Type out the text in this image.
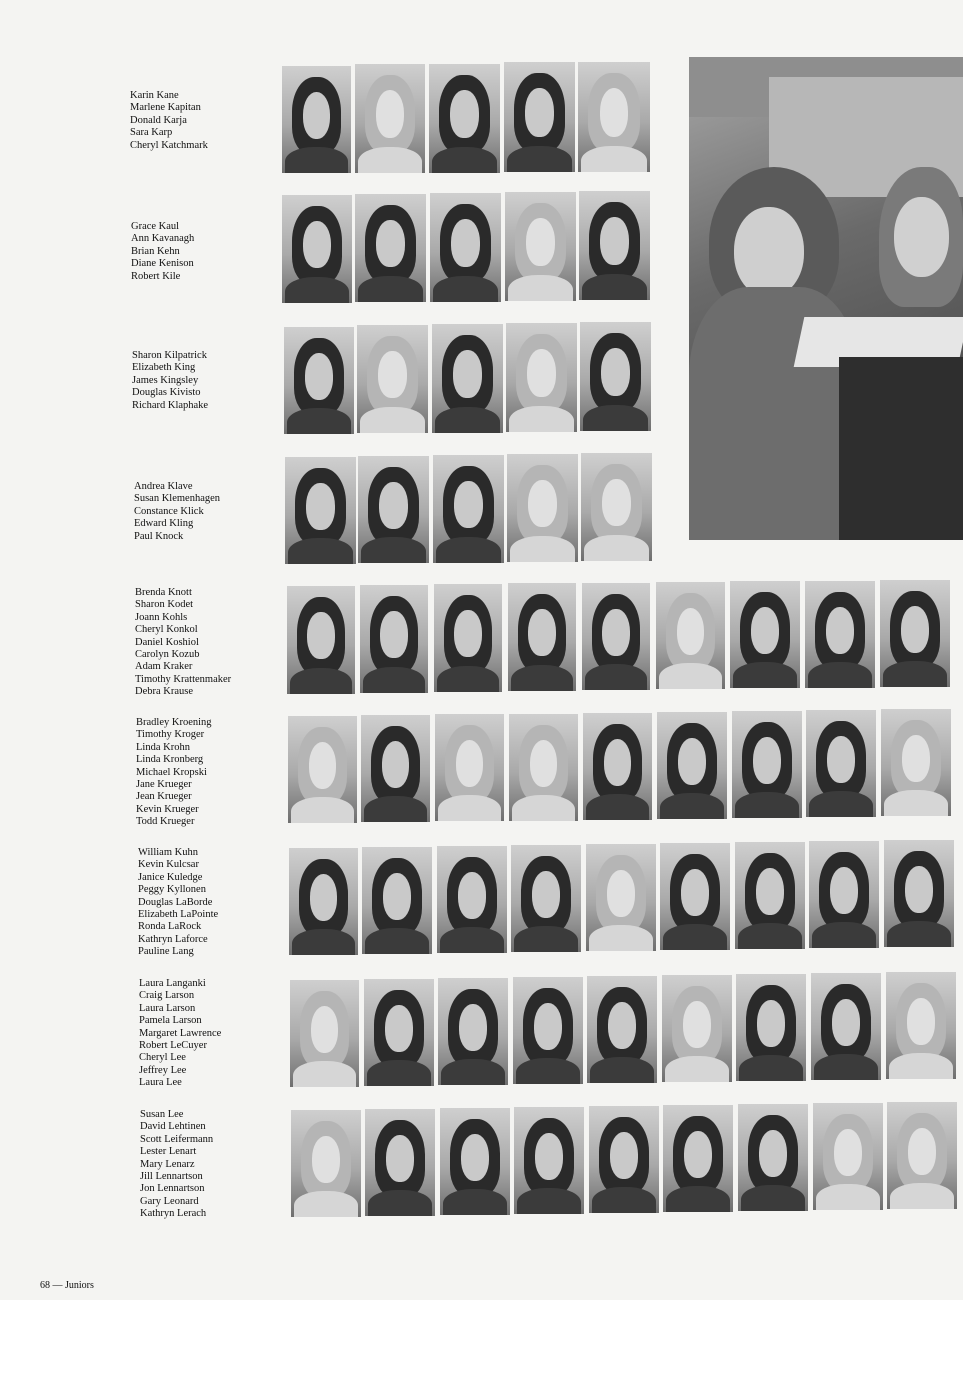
Karin Kane
Marlene Kapitan
Donald Karja
Sara Karp
Cheryl Katchmark
Grace Kaul
Ann Kavanagh
Brian Kehn
Diane Kenison
Robert Kile
Sharon Kilpatrick
Elizabeth King
James Kingsley
Douglas Kivisto
Richard Klaphake
Andrea Klave
Susan Klemenhagen
Constance Klick
Edward Kling
Paul Knock
Brenda Knott
Sharon Kodet
Joann Kohls
Cheryl Konkol
Daniel Koshiol
Carolyn Kozub
Adam Kraker
Timothy Krattenmaker
Debra Krause
Bradley Kroening
Timothy Kroger
Linda Krohn
Linda Kronberg
Michael Kropski
Jane Krueger
Jean Krueger
Kevin Krueger
Todd Krueger
William Kuhn
Kevin Kulcsar
Janice Kuledge
Peggy Kyllonen
Douglas LaBorde
Elizabeth LaPointe
Ronda LaRock
Kathryn Laforce
Pauline Lang
Laura Langanki
Craig Larson
Laura Larson
Pamela Larson
Margaret Lawrence
Robert LeCuyer
Cheryl Lee
Jeffrey Lee
Laura Lee
Susan Lee
David Lehtinen
Scott Leifermann
Lester Lenart
Mary Lenarz
Jill Lennartson
Jon Lennartson
Gary Leonard
Kathryn Lerach
68 — Juniors
